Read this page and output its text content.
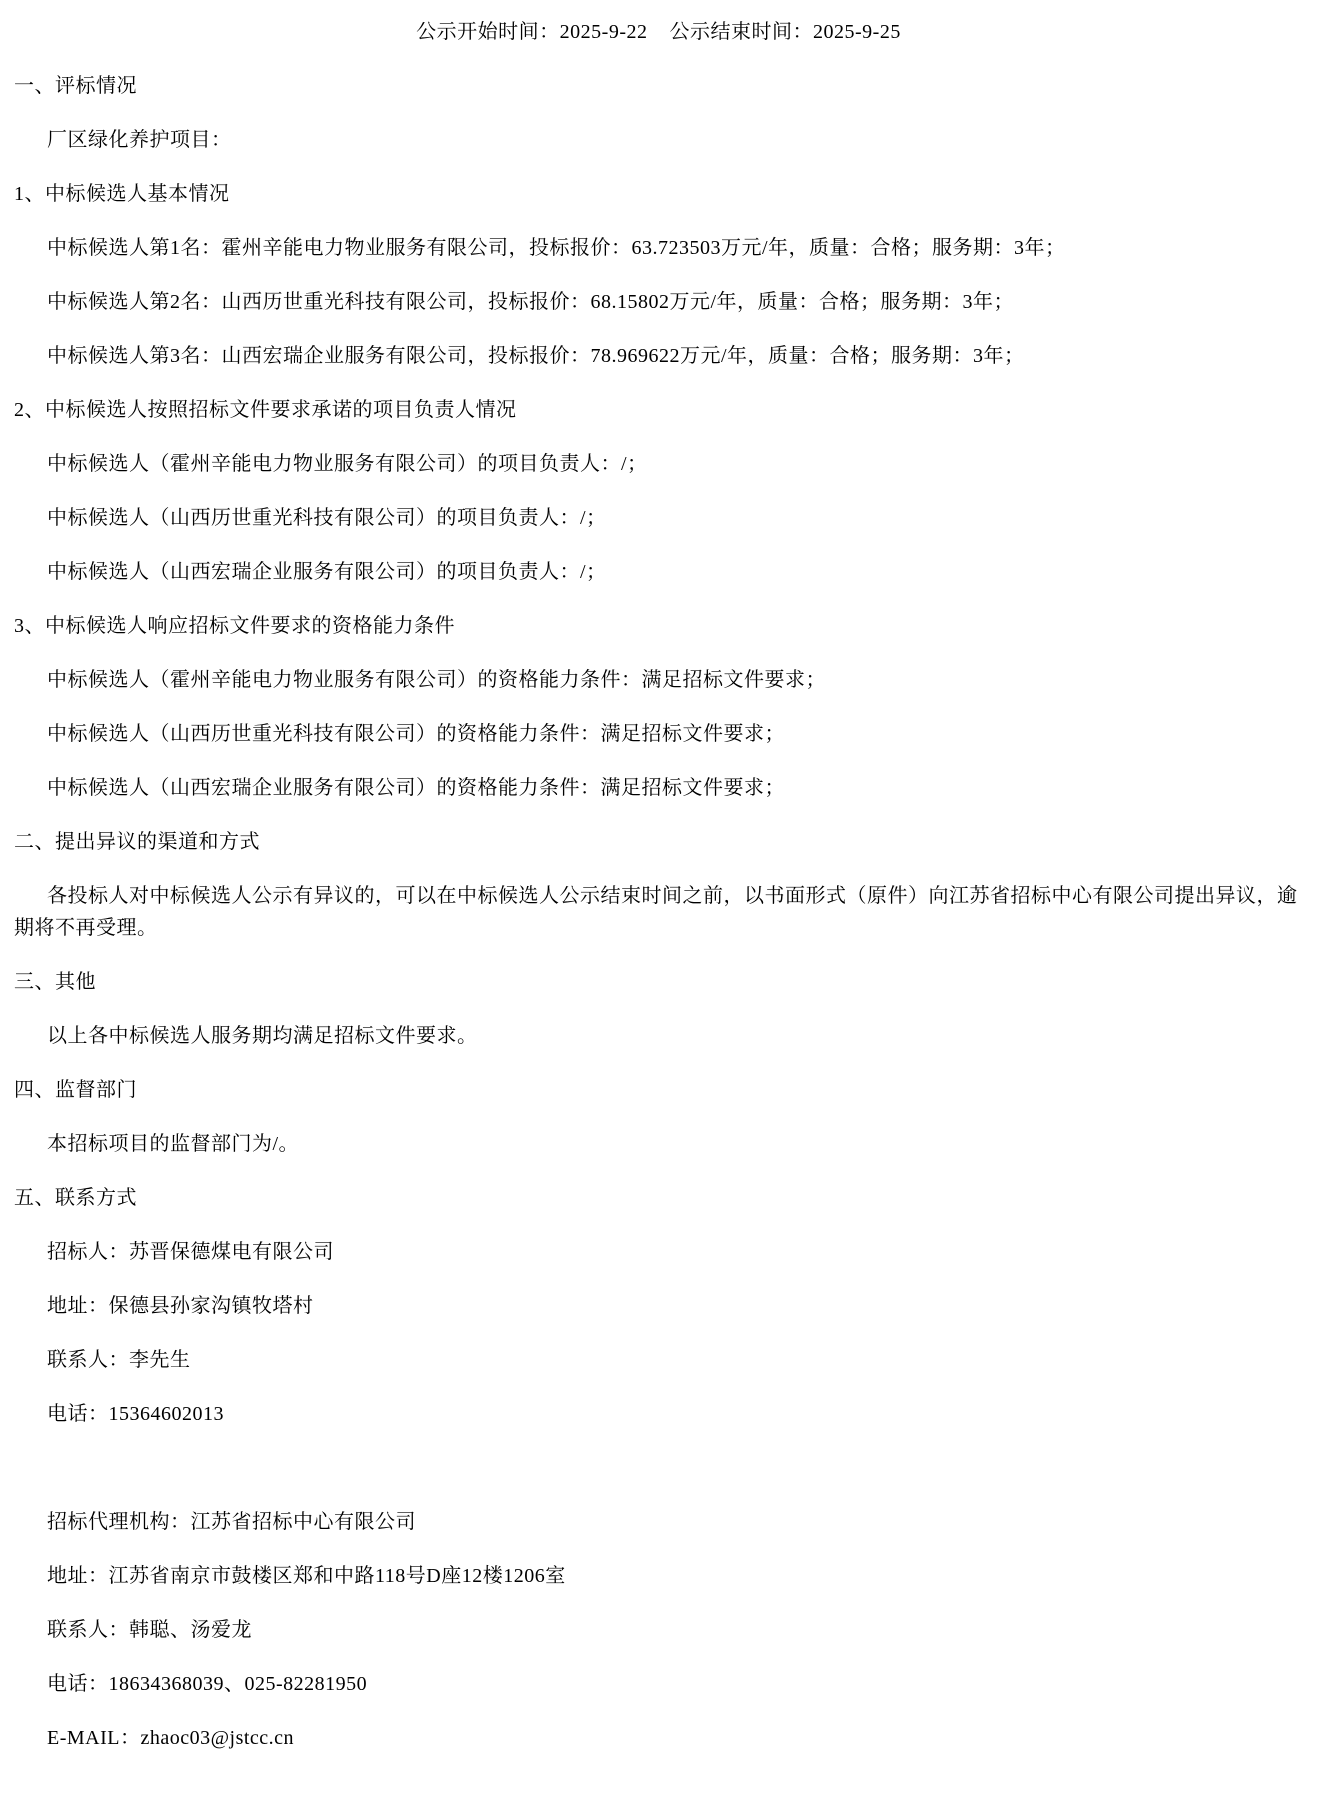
公示开始时间：2025-9-22 公示结束时间：2025-9-25

一、评标情况

厂区绿化养护项目：

1、中标候选人基本情况

中标候选人第1名：霍州辛能电力物业服务有限公司，投标报价：63.723503万元/年，质量：合格；服务期：3年；

中标候选人第2名：山西历世重光科技有限公司，投标报价：68.15802万元/年，质量：合格；服务期：3年；

中标候选人第3名：山西宏瑞企业服务有限公司，投标报价：78.969622万元/年，质量：合格；服务期：3年；

2、中标候选人按照招标文件要求承诺的项目负责人情况

中标候选人（霍州辛能电力物业服务有限公司）的项目负责人：/；

中标候选人（山西历世重光科技有限公司）的项目负责人：/；

中标候选人（山西宏瑞企业服务有限公司）的项目负责人：/；

3、中标候选人响应招标文件要求的资格能力条件

中标候选人（霍州辛能电力物业服务有限公司）的资格能力条件：满足招标文件要求；

中标候选人（山西历世重光科技有限公司）的资格能力条件：满足招标文件要求；

中标候选人（山西宏瑞企业服务有限公司）的资格能力条件：满足招标文件要求；

二、提出异议的渠道和方式

各投标人对中标候选人公示有异议的，可以在中标候选人公示结束时间之前，以书面形式（原件）向江苏省招标中心有限公司提出异议，逾期将不再受理。

三、其他

以上各中标候选人服务期均满足招标文件要求。

四、监督部门

本招标项目的监督部门为/。

五、联系方式

招标人：苏晋保德煤电有限公司

地址：保德县孙家沟镇牧塔村

联系人：李先生

电话：15364602013

招标代理机构：江苏省招标中心有限公司

地址：江苏省南京市鼓楼区郑和中路118号D座12楼1206室

联系人：韩聪、汤爱龙

电话：18634368039、025-82281950

E-MAIL：zhaoc03@jstcc.cn
